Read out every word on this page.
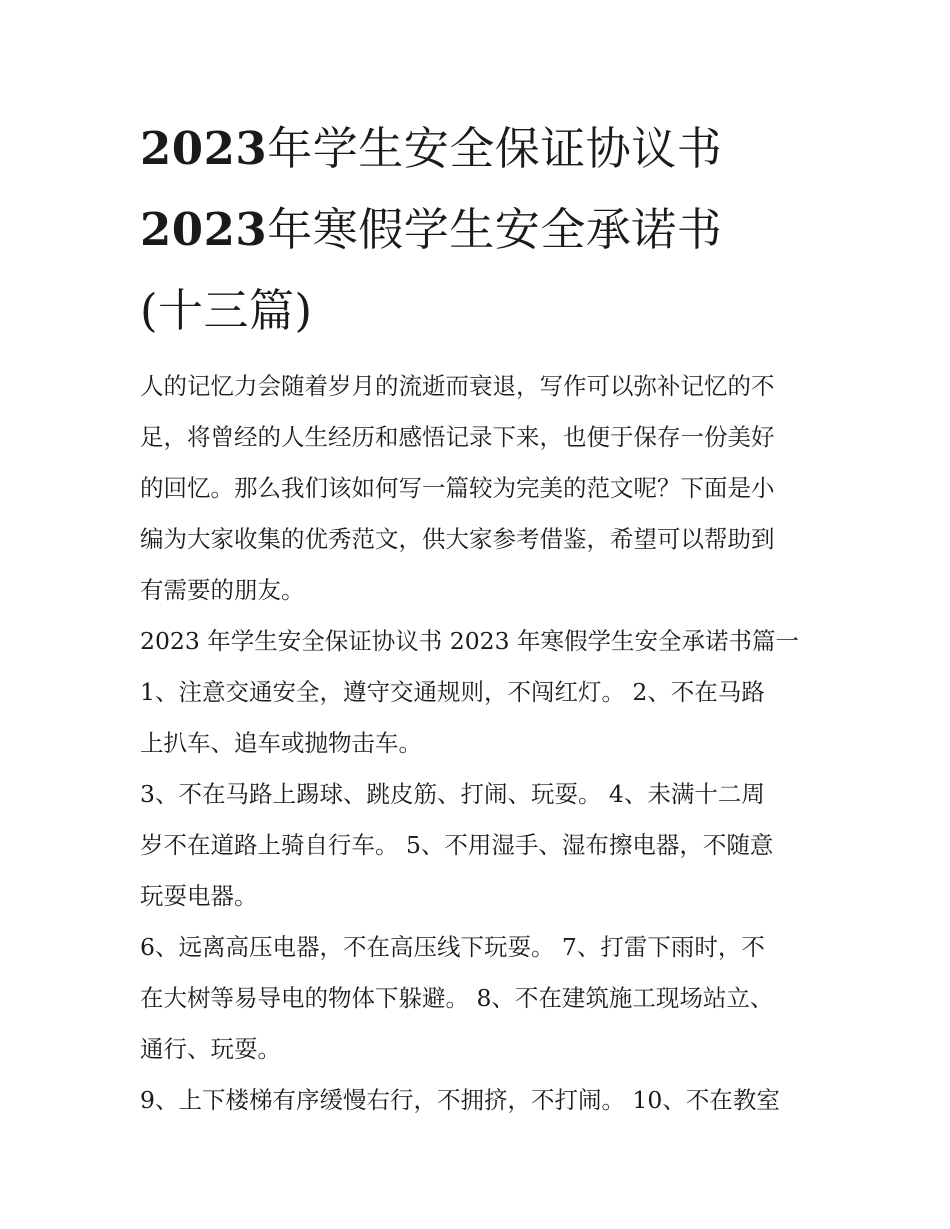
2023年学生安全保证协议书
2023年寒假学生安全承诺书
(十三篇)

人的记忆力会随着岁月的流逝而衰退，写作可以弥补记忆的不
足，将曾经的人生经历和感悟记录下来，也便于保存一份美好
的回忆。那么我们该如何写一篇较为完美的范文呢？下面是小
编为大家收集的优秀范文，供大家参考借鉴，希望可以帮助到
有需要的朋友。

2023 年学生安全保证协议书 2023 年寒假学生安全承诺书篇一

1、注意交通安全，遵守交通规则，不闯红灯。 2、不在马路
上扒车、追车或抛物击车。

3、不在马路上踢球、跳皮筋、打闹、玩耍。 4、未满十二周
岁不在道路上骑自行车。 5、不用湿手、湿布擦电器，不随意
玩耍电器。

6、远离高压电器，不在高压线下玩耍。 7、打雷下雨时，不
在大树等易导电的物体下躲避。 8、不在建筑施工现场站立、
通行、玩耍。

9、上下楼梯有序缓慢右行，不拥挤，不打闹。 10、不在教室
